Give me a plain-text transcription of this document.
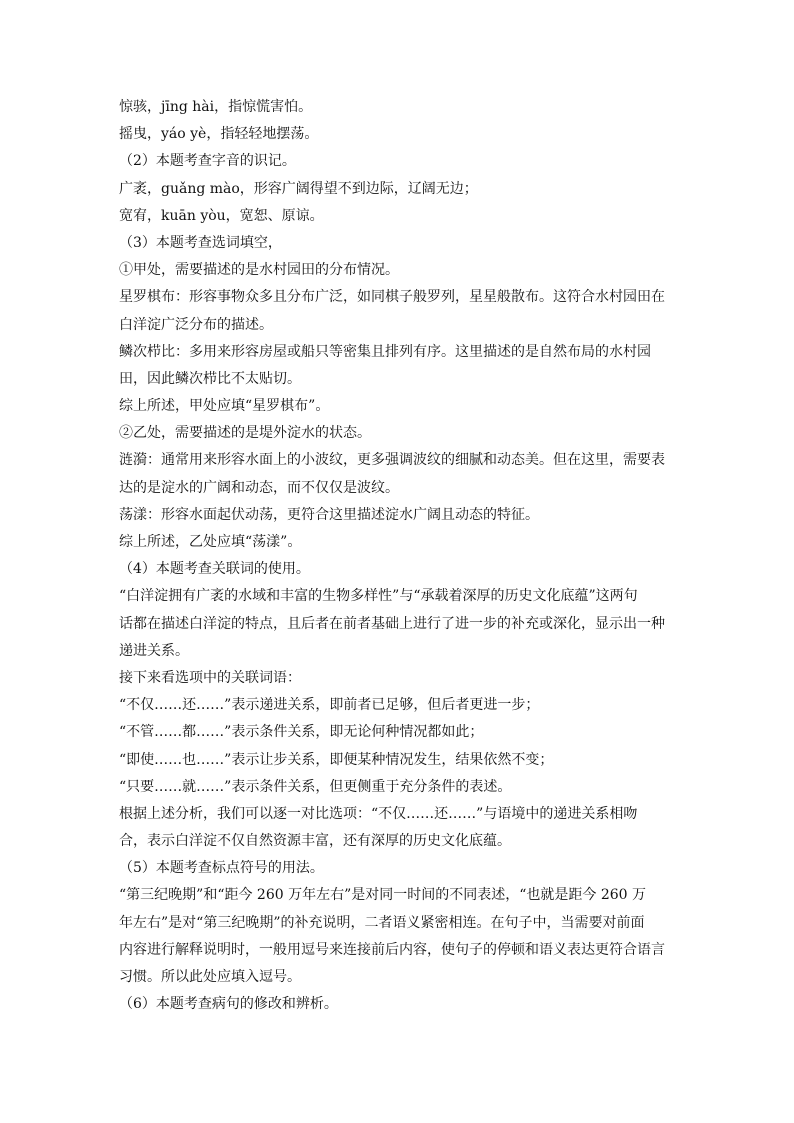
惊骇，jīng hài，指惊慌害怕。
摇曳，yáo yè，指轻轻地摆荡。
（2）本题考查字音的识记。
广袤，guǎng mào，形容广阔得望不到边际，辽阔无边；
宽宥，kuān yòu，宽恕、原谅。
（3）本题考查选词填空，
①甲处，需要描述的是水村园田的分布情况。
星罗棋布：形容事物众多且分布广泛，如同棋子般罗列，星星般散布。这符合水村园田在
白洋淀广泛分布的描述。
鳞次栉比：多用来形容房屋或船只等密集且排列有序。这里描述的是自然布局的水村园
田，因此鳞次栉比不太贴切。
综上所述，甲处应填“星罗棋布”。
②乙处，需要描述的是堤外淀水的状态。
涟漪：通常用来形容水面上的小波纹，更多强调波纹的细腻和动态美。但在这里，需要表
达的是淀水的广阔和动态，而不仅仅是波纹。
荡漾：形容水面起伏动荡，更符合这里描述淀水广阔且动态的特征。
综上所述，乙处应填“荡漾”。
（4）本题考查关联词的使用。
“白洋淀拥有广袤的水域和丰富的生物多样性”与“承载着深厚的历史文化底蕴”这两句
话都在描述白洋淀的特点，且后者在前者基础上进行了进一步的补充或深化，显示出一种
递进关系。
接下来看选项中的关联词语：
“不仅……还……”表示递进关系，即前者已足够，但后者更进一步；
“不管……都……”表示条件关系，即无论何种情况都如此；
“即使……也……”表示让步关系，即便某种情况发生，结果依然不变；
“只要……就……”表示条件关系，但更侧重于充分条件的表述。
根据上述分析，我们可以逐一对比选项：“不仅……还……”与语境中的递进关系相吻
合，表示白洋淀不仅自然资源丰富，还有深厚的历史文化底蕴。
（5）本题考查标点符号的用法。
“第三纪晚期”和“距今 260 万年左右”是对同一时间的不同表述，“也就是距今 260 万
年左右”是对“第三纪晚期”的补充说明，二者语义紧密相连。在句子中，当需要对前面
内容进行解释说明时，一般用逗号来连接前后内容，使句子的停顿和语义表达更符合语言
习惯。所以此处应填入逗号。
（6）本题考查病句的修改和辨析。
